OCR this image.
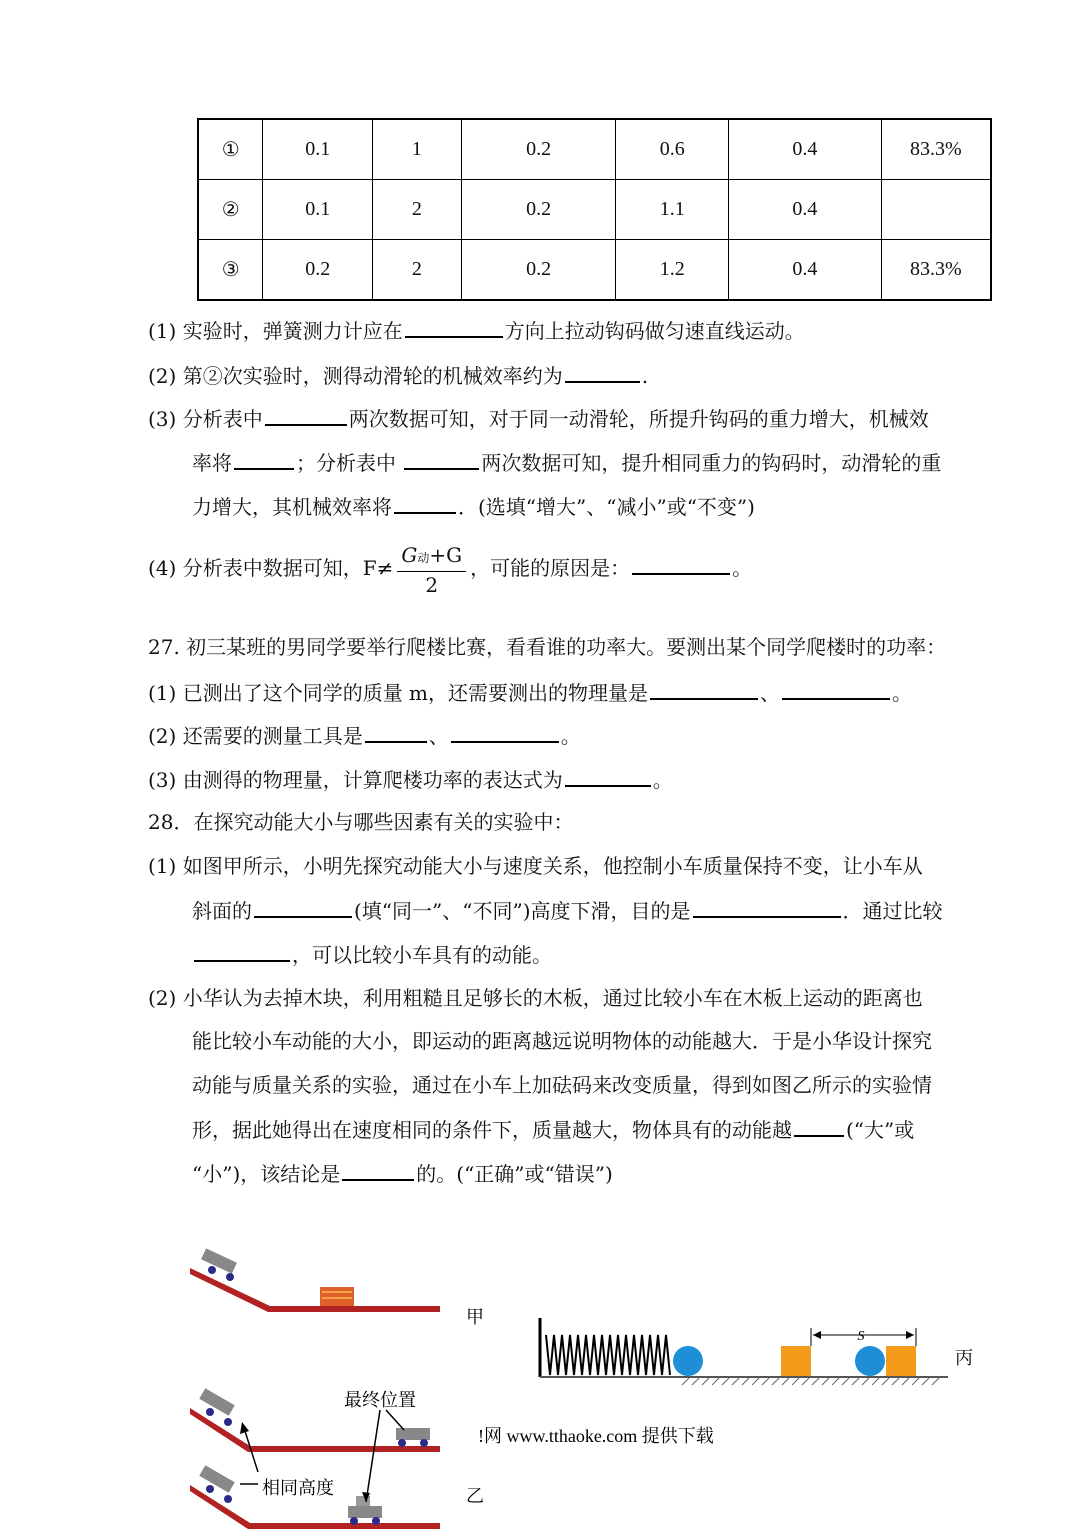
①	0.1	1	0.2	0.6	0.4	83.3%
②	0.1	2	0.2	1.1	0.4	
③	0.2	2	0.2	1.2	0.4	83.3%
(1) 实验时，弹簧测力计应在	方向上拉动钩码做匀速直线运动。
(2) 第②次实验时，测得动滑轮的机械效率约为	.
(3) 分析表中	两次数据可知，对于同一动滑轮，所提升钩码的重力增大，机械效
率将	；分析表中	两次数据可知，提升相同重力的钩码时，动滑轮的重
力增大，其机械效率将	．(选填“增大”、“减小”或“不变”)
(4) 分析表中数据可知，$F\ne \frac{\text{G动+G}}{2}$ ，可能的原因是：	。
27. 初三某班的男同学要举行爬楼比赛，看看谁的功率大。要测出某个同学爬楼时的功率：
(1) 已测出了这个同学的质量 m，还需要测出的物理量是	、	。
(2) 还需要的测量工具是	、	。
(3) 由测得的物理量，计算爬楼功率的表达式为	。
28．在探究动能大小与哪些因素有关的实验中：
(1) 如图甲所示，小明先探究动能大小与速度关系，他控制小车质量保持不变，让小车从
斜面的	(填“同一”、“不同”)高度下滑，目的是	．通过比较
，可以比较小车具有的动能。
(2) 小华认为去掉木块，利用粗糙且足够长的木板，通过比较小车在木板上运动的距离也
能比较小车动能的大小，即运动的距离越远说明物体的动能越大．于是小华设计探究
动能与质量关系的实验，通过在小车上加砝码来改变质量，得到如图乙所示的实验情
形，据此她得出在速度相同的条件下，质量越大，物体具有的动能越	(“大”或
“小”)，该结论是	的。(“正确”或“错误”)
甲
最终位置
相同高度	乙
S
丙
!网 www.tthaoke.com 提供下载
